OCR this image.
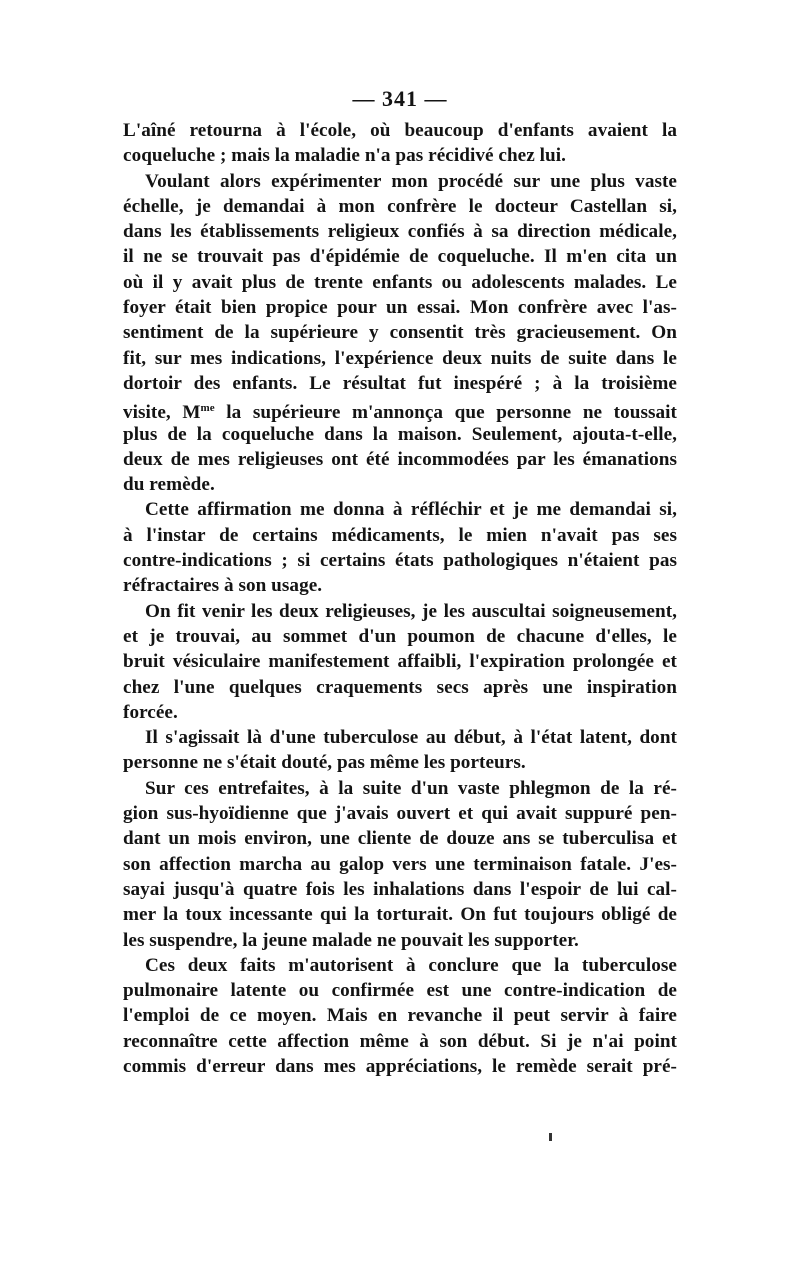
— 341 —
L'aîné retourna à l'école, où beaucoup d'enfants avaient la
coqueluche ; mais la maladie n'a pas récidivé chez lui.
Voulant alors expérimenter mon procédé sur une plus vaste
échelle, je demandai à mon confrère le docteur Castellan si,
dans les établissements religieux confiés à sa direction médicale,
il ne se trouvait pas d'épidémie de coqueluche. Il m'en cita un
où il y avait plus de trente enfants ou adolescents malades. Le
foyer était bien propice pour un essai. Mon confrère avec l'as-
sentiment de la supérieure y consentit très gracieusement. On
fit, sur mes indications, l'expérience deux nuits de suite dans le
dortoir des enfants. Le résultat fut inespéré ; à la troisième
visite, $M^{me}$ la supérieure m'annonça que personne ne toussait
plus de la coqueluche dans la maison. Seulement, ajouta-t-elle,
deux de mes religieuses ont été incommodées par les émanations
du remède.
Cette affirmation me donna à réfléchir et je me demandai si,
à l'instar de certains médicaments, le mien n'avait pas ses
contre-indications ; si certains états pathologiques n'étaient pas
réfractaires à son usage.
On fit venir les deux religieuses, je les auscultai soigneusement,
et je trouvai, au sommet d'un poumon de chacune d'elles, le
bruit vésiculaire manifestement affaibli, l'expiration prolongée et
chez l'une quelques craquements secs après une inspiration
forcée.
Il s'agissait là d'une tuberculose au début, à l'état latent, dont
personne ne s'était douté, pas même les porteurs.
Sur ces entrefaites, à la suite d'un vaste phlegmon de la ré-
gion sus-hyoïdienne que j'avais ouvert et qui avait suppuré pen-
dant un mois environ, une cliente de douze ans se tuberculisa et
son affection marcha au galop vers une terminaison fatale. J'es-
sayai jusqu'à quatre fois les inhalations dans l'espoir de lui cal-
mer la toux incessante qui la torturait. On fut toujours obligé de
les suspendre, la jeune malade ne pouvait les supporter.
Ces deux faits m'autorisent à conclure que la tuberculose
pulmonaire latente ou confirmée est une contre-indication de
l'emploi de ce moyen. Mais en revanche il peut servir à faire
reconnaître cette affection même à son début. Si je n'ai point
commis d'erreur dans mes appréciations, le remède serait pré-
